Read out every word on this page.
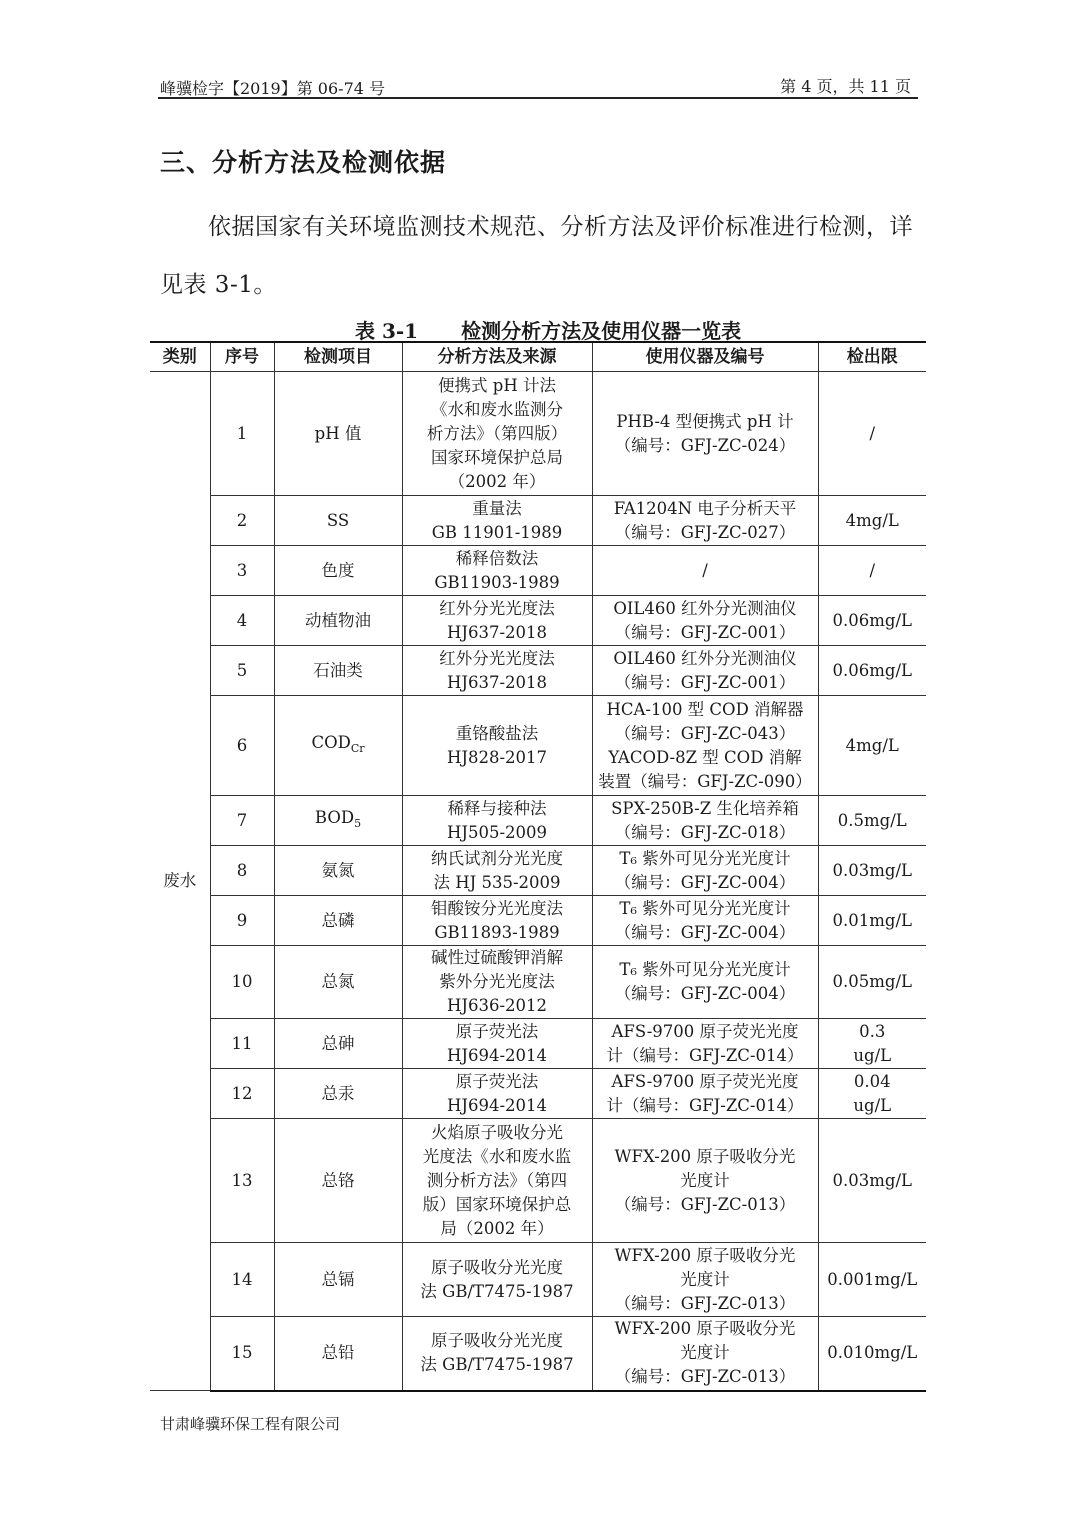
峰骥检字【2019】第 06-74 号	第 4 页，共 11 页
三、分析方法及检测依据
依据国家有关环境监测技术规范、分析方法及评价标准进行检测，详见表 3-1。
表 3-1 检测分析方法及使用仪器一览表
类别	序号	检测项目	分析方法及来源	使用仪器及编号	检出限
废水	1	pH 值	便携式 pH 计法
《水和废水监测分
析方法》（第四版）
国家环境保护总局
（2002 年）	PHB-4 型便携式 pH 计
（编号：GFJ-ZC-024）	/

	2	SS	重量法
GB 11901-1989	FA1204N 电子分析天平
（编号：GFJ-ZC-027）	4mg/L

	3	色度	稀释倍数法
GB11903-1989	/	/

	4	动植物油	红外分光光度法
HJ637-2018	OIL460 红外分光测油仪
（编号：GFJ-ZC-001）	0.06mg/L

	5	石油类	红外分光光度法
HJ637-2018	OIL460 红外分光测油仪
（编号：GFJ-ZC-001）	0.06mg/L

	6	$COD_{Cr}$	重铬酸盐法
HJ828-2017	HCA-100 型 COD 消解器
（编号：GFJ-ZC-043）
YACOD-8Z 型 COD 消解
装置（编号：GFJ-ZC-090）	4mg/L

	7	$BOD_5$	稀释与接种法
HJ505-2009	SPX-250B-Z 生化培养箱
（编号：GFJ-ZC-018）	0.5mg/L

	8	氨氮	纳氏试剂分光光度
法 HJ 535-2009	T₆ 紫外可见分光光度计
（编号：GFJ-ZC-004）	0.03mg/L

	9	总磷	钼酸铵分光光度法
GB11893-1989	T₆ 紫外可见分光光度计
（编号：GFJ-ZC-004）	0.01mg/L

	10	总氮	碱性过硫酸钾消解
紫外分光光度法
HJ636-2012	T₆ 紫外可见分光光度计
（编号：GFJ-ZC-004）	0.05mg/L

	11	总砷	原子荧光法
HJ694-2014	AFS-9700 原子荧光光度
计（编号：GFJ-ZC-014）	0.3
ug/L

	12	总汞	原子荧光法
HJ694-2014	AFS-9700 原子荧光光度
计（编号：GFJ-ZC-014）	0.04
ug/L

	13	总铬	火焰原子吸收分光
光度法《水和废水监
测分析方法》（第四
版）国家环境保护总
局（2002 年）	WFX-200 原子吸收分光
光度计
（编号：GFJ-ZC-013）	0.03mg/L

	14	总镉	原子吸收分光光度
法 GB/T7475-1987	WFX-200 原子吸收分光
光度计
（编号：GFJ-ZC-013）	0.001mg/L

	15	总铅	原子吸收分光光度
法 GB/T7475-1987	WFX-200 原子吸收分光
光度计
（编号：GFJ-ZC-013）	0.010mg/L
甘肃峰骥环保工程有限公司
